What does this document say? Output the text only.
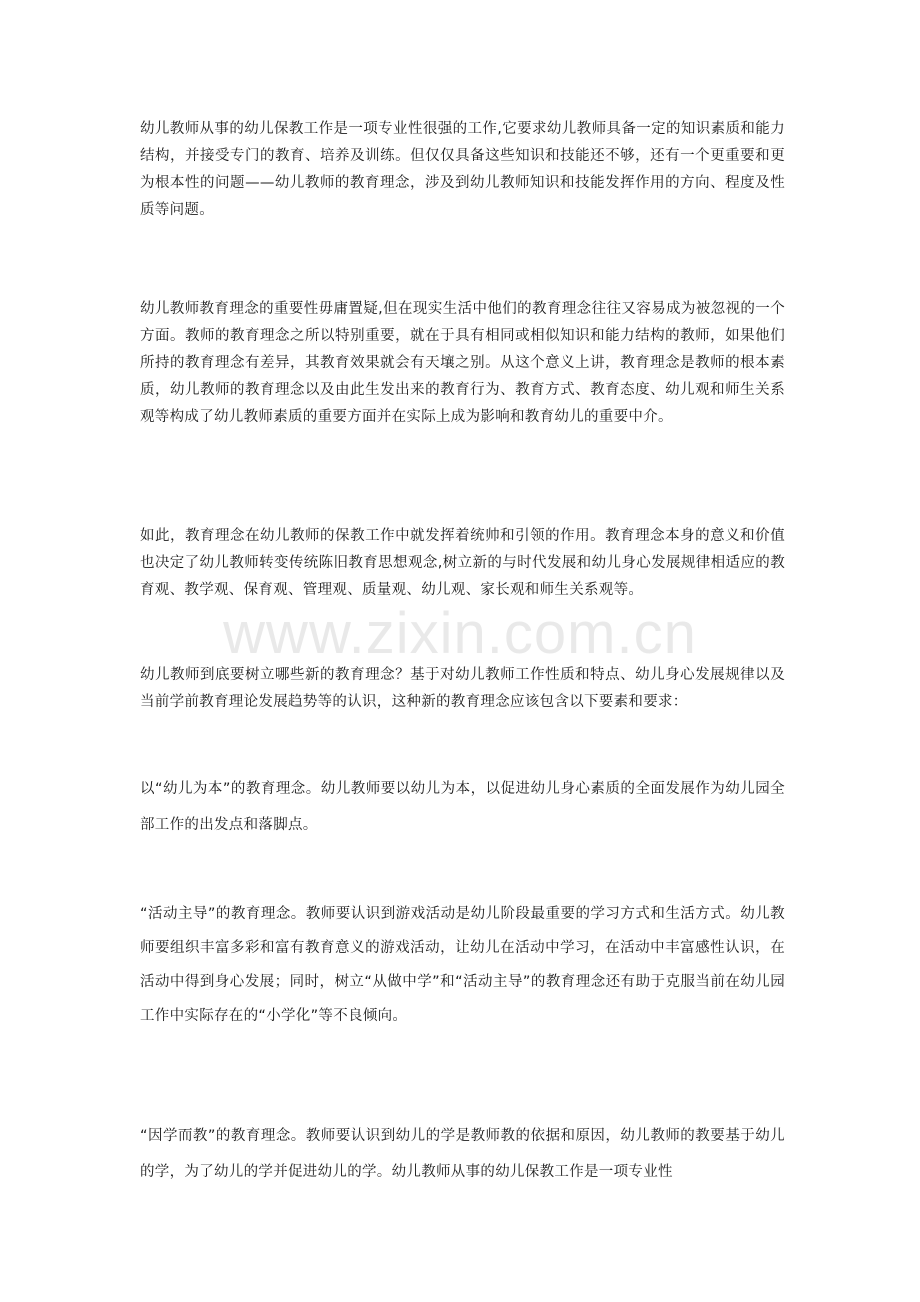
幼儿教师从事的幼儿保教工作是一项专业性很强的工作,它要求幼儿教师具备一定的知识素质和能力结构，并接受专门的教育、培养及训练。但仅仅具备这些知识和技能还不够，还有一个更重要和更为根本性的问题——幼儿教师的教育理念，涉及到幼儿教师知识和技能发挥作用的方向、程度及性质等问题。

幼儿教师教育理念的重要性毋庸置疑,但在现实生活中他们的教育理念往往又容易成为被忽视的一个方面。教师的教育理念之所以特别重要，就在于具有相同或相似知识和能力结构的教师，如果他们所持的教育理念有差异，其教育效果就会有天壤之别。从这个意义上讲，教育理念是教师的根本素质，幼儿教师的教育理念以及由此生发出来的教育行为、教育方式、教育态度、幼儿观和师生关系观等构成了幼儿教师素质的重要方面并在实际上成为影响和教育幼儿的重要中介。

如此，教育理念在幼儿教师的保教工作中就发挥着统帅和引领的作用。教育理念本身的意义和价值也决定了幼儿教师转变传统陈旧教育思想观念,树立新的与时代发展和幼儿身心发展规律相适应的教育观、教学观、保育观、管理观、质量观、幼儿观、家长观和师生关系观等。

幼儿教师到底要树立哪些新的教育理念？基于对幼儿教师工作性质和特点、幼儿身心发展规律以及当前学前教育理论发展趋势等的认识，这种新的教育理念应该包含以下要素和要求：

以“幼儿为本”的教育理念。幼儿教师要以幼儿为本，以促进幼儿身心素质的全面发展作为幼儿园全部工作的出发点和落脚点。

“活动主导”的教育理念。教师要认识到游戏活动是幼儿阶段最重要的学习方式和生活方式。幼儿教师要组织丰富多彩和富有教育意义的游戏活动，让幼儿在活动中学习，在活动中丰富感性认识，在活动中得到身心发展；同时，树立“从做中学”和“活动主导”的教育理念还有助于克服当前在幼儿园工作中实际存在的“小学化”等不良倾向。

“因学而教”的教育理念。教师要认识到幼儿的学是教师教的依据和原因，幼儿教师的教要基于幼儿的学，为了幼儿的学并促进幼儿的学。幼儿教师从事的幼儿保教工作是一项专业性

www.zixin.com.cn
